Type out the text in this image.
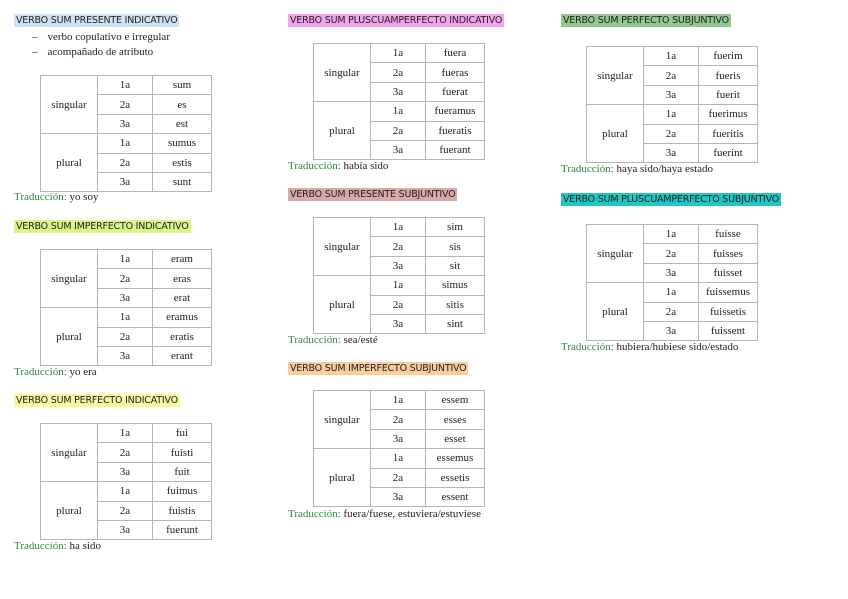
VERBO SUM PRESENTE INDICATIVO
– verbo copulativo e irregular
– acompañado de atributo
singular	1a	sum
	2a	es
	3a	est
plural	1a	sumus
	2a	estis
	3a	sunt
Traducción: yo soy
VERBO SUM IMPERFECTO INDICATIVO
singular	1a	eram
	2a	eras
	3a	erat
plural	1a	eramus
	2a	eratis
	3a	erant
Traducción: yo era
VERBO SUM PERFECTO INDICATIVO
singular	1a	fui
	2a	fuisti
	3a	fuit
plural	1a	fuimus
	2a	fuistis
	3a	fuerunt
Traducción: ha sido
VERBO SUM PLUSCUAMPERFECTO INDICATIVO
singular	1a	fuera
	2a	fueras
	3a	fuerat
plural	1a	fueramus
	2a	fueratis
	3a	fuerant
Traducción: había sido
VERBO SUM PRESENTE SUBJUNTIVO
singular	1a	sim
	2a	sis
	3a	sit
plural	1a	simus
	2a	sitis
	3a	sint
Traducción: sea/esté
VERBO SUM IMPERFECTO SUBJUNTIVO
singular	1a	essem
	2a	esses
	3a	esset
plural	1a	essemus
	2a	essetis
	3a	essent
Traducción: fuera/fuese, estuviera/estuviese
VERBO SUM PERFECTO SUBJUNTIVO
singular	1a	fuerim
	2a	fueris
	3a	fuerit
plural	1a	fuerimus
	2a	fueritis
	3a	fuerint
Traducción: haya sido/haya estado
VERBO SUM PLUSCUAMPERFECTO SUBJUNTIVO
singular	1a	fuisse
	2a	fuisses
	3a	fuisset
plural	1a	fuissemus
	2a	fuissetis
	3a	fuissent
Traducción: hubiera/hubiese sido/estado
